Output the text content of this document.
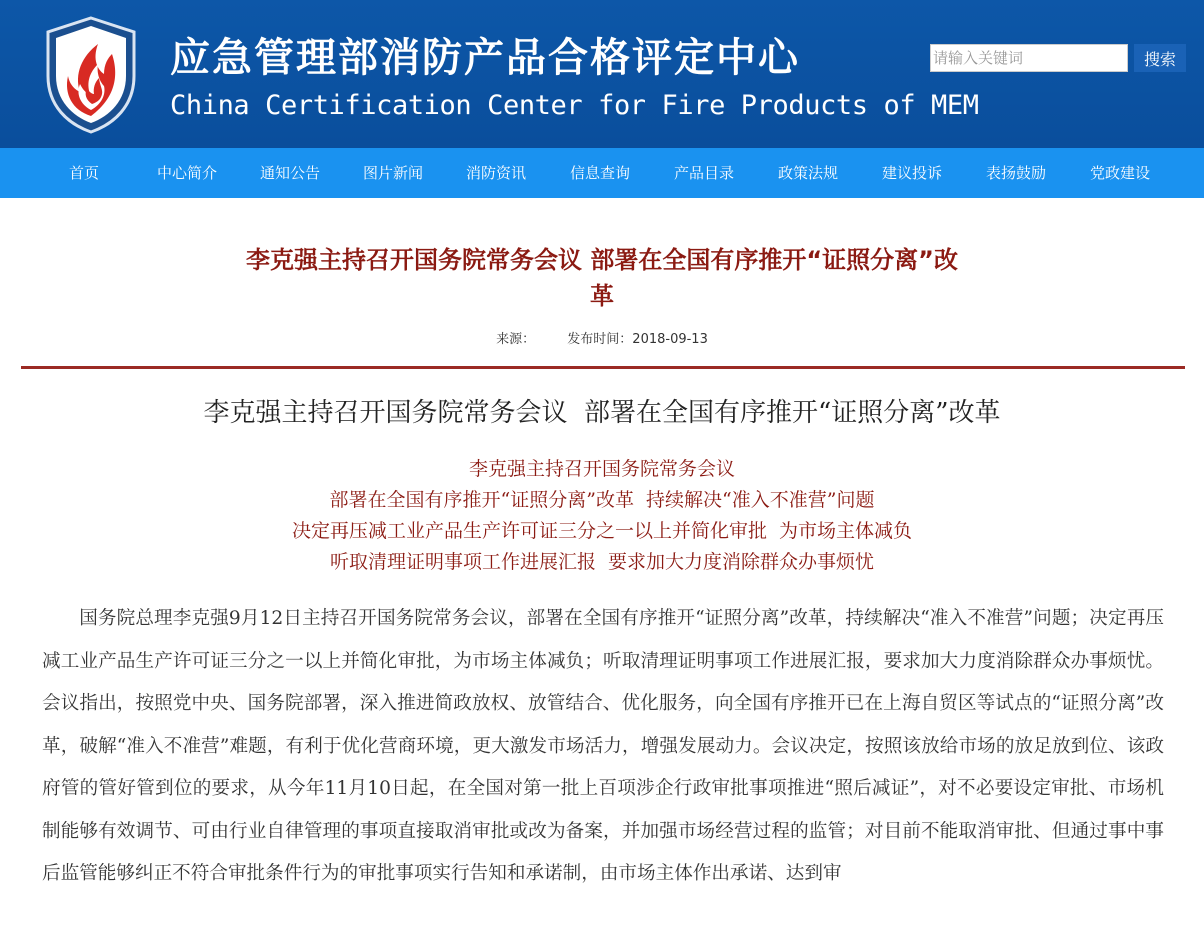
应急管理部消防产品合格评定中心
China Certification Center for Fire Products of MEM
请输入关键词
搜索
首页	中心简介	通知公告	图片新闻	消防资讯	信息查询	产品目录	政策法规	建议投诉	表扬鼓励	党政建设
李克强主持召开国务院常务会议 部署在全国有序推开“证照分离”改革
来源： 发布时间：2018-09-13
李克强主持召开国务院常务会议  部署在全国有序推开“证照分离”改革
李克强主持召开国务院常务会议
部署在全国有序推开“证照分离”改革  持续解决“准入不准营”问题
决定再压减工业产品生产许可证三分之一以上并简化审批  为市场主体减负
听取清理证明事项工作进展汇报  要求加大力度消除群众办事烦忧

国务院总理李克强9月12日主持召开国务院常务会议，部署在全国有序推开“证照分离”改革，持续解决“准入不准营”问题；决定再压减工业产品生产许可证三分之一以上并简化审批，为市场主体减负；听取清理证明事项工作进展汇报，要求加大力度消除群众办事烦忧。会议指出，按照党中央、国务院部署，深入推进简政放权、放管结合、优化服务，向全国有序推开已在上海自贸区等试点的“证照分离”改革，破解“准入不准营”难题，有利于优化营商环境，更大激发市场活力，增强发展动力。会议决定，按照该放给市场的放足放到位、该政府管的管好管到位的要求，从今年11月10日起，在全国对第一批上百项涉企行政审批事项推进“照后减证”，对不必要设定审批、市场机制能够有效调节、可由行业自律管理的事项直接取消审批或改为备案，并加强市场经营过程的监管；对目前不能取消审批、但通过事中事后监管能够纠正不符合审批条件行为的审批事项实行告知和承诺制，由市场主体作出承诺、达到审
